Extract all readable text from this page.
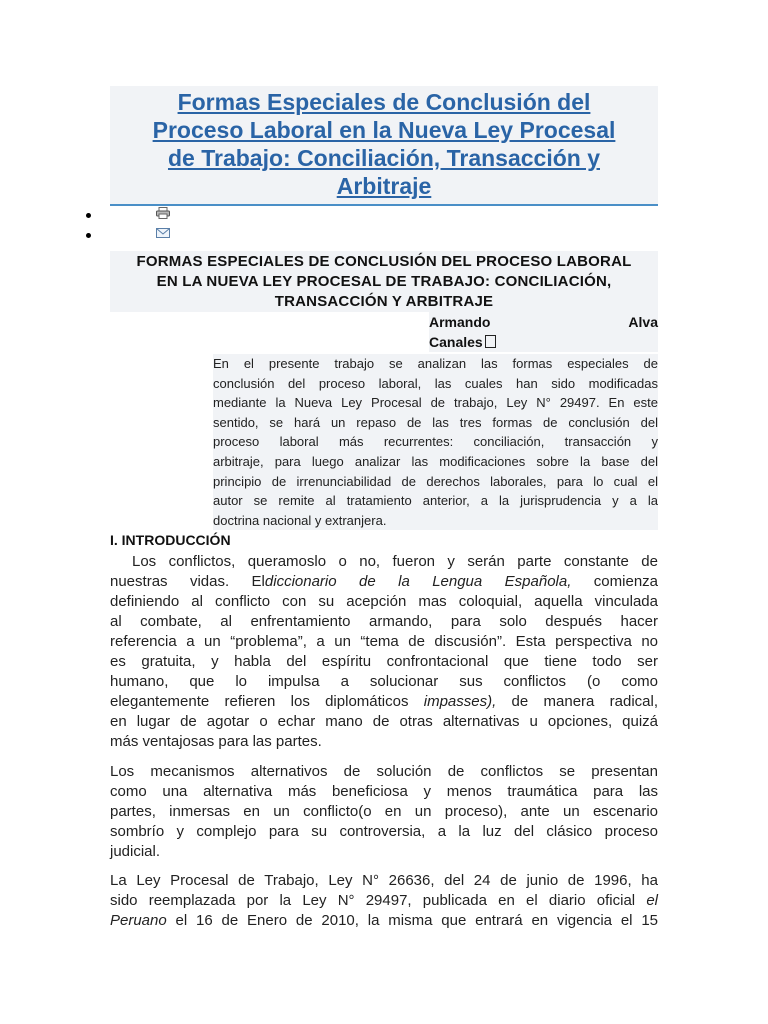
Formas Especiales de Conclusión del
Proceso Laboral en la Nueva Ley Procesal
de Trabajo: Conciliación, Transacción y
Arbitraje
FORMAS ESPECIALES DE CONCLUSIÓN DEL PROCESO LABORAL
EN LA NUEVA LEY PROCESAL DE TRABAJO: CONCILIACIÓN,
TRANSACCIÓN Y ARBITRAJE
Armando Alva
Canales
En el presente trabajo se analizan las formas especiales de
conclusión del proceso laboral, las cuales han sido modificadas
mediante la Nueva Ley Procesal de trabajo, Ley N° 29497. En este
sentido, se hará un repaso de las tres formas de conclusión del
proceso laboral más recurrentes: conciliación, transacción y
arbitraje, para luego analizar las modificaciones sobre la base del
principio de irrenunciabilidad de derechos laborales, para lo cual el
autor se remite al tratamiento anterior, a la jurisprudencia y a la
doctrina nacional y extranjera.
I. INTRODUCCIÓN
Los conflictos, queramoslo o no, fueron y serán parte constante de
nuestras vidas. Eldiccionario de la Lengua Española, comienza
definiendo al conflicto con su acepción mas coloquial, aquella vinculada
al combate, al enfrentamiento armando, para solo después hacer
referencia a un “problema”, a un “tema de discusión”. Esta perspectiva no
es gratuita, y habla del espíritu confrontacional que tiene todo ser
humano, que lo impulsa a solucionar sus conflictos (o como
elegantemente refieren los diplomáticos impasses), de manera radical,
en lugar de agotar o echar mano de otras alternativas u opciones, quizá
más ventajosas para las partes.
Los mecanismos alternativos de solución de conflictos se presentan
como una alternativa más beneficiosa y menos traumática para las
partes, inmersas en un conflicto(o en un proceso), ante un escenario
sombrío y complejo para su controversia, a la luz del clásico proceso
judicial.
La Ley Procesal de Trabajo, Ley N° 26636, del 24 de junio de 1996, ha
sido reemplazada por la Ley N° 29497, publicada en el diario oficial el
Peruano el 16 de Enero de 2010, la misma que entrará en vigencia el 15
